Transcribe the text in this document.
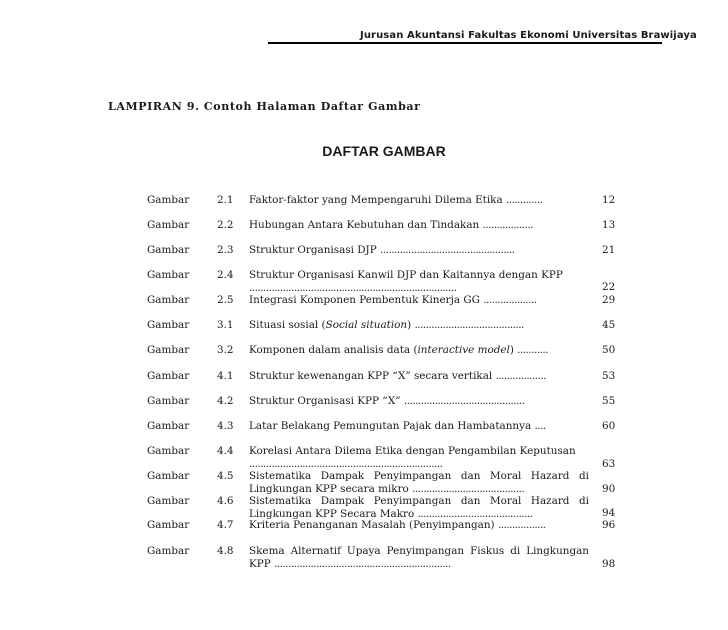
Jurusan Akuntansi Fakultas Ekonomi Universitas Brawijaya
LAMPIRAN 9. Contoh Halaman Daftar Gambar
DAFTAR GAMBAR
Gambar	2.1 Faktor-faktor yang Mempengaruhi Dilema Etika .............	12
Gambar	2.2 Hubungan Antara Kebutuhan dan Tindakan ..................	13
Gambar	2.3 Struktur Organisasi DJP ................................................	21
Gambar	2.4 Struktur Organisasi Kanwil DJP dan Kaitannya dengan KPP
..........................................................................	22
Gambar	2.5 Integrasi Komponen Pembentuk Kinerja GG ...................	29
Gambar	3.1 Situasi sosial (Social situation) .......................................	45
Gambar	3.2 Komponen dalam analisis data (interactive model) ...........	50
Gambar	4.1 Struktur kewenangan KPP “X” secara vertikal ..................	53
Gambar	4.2 Struktur Organisasi KPP “X” ...........................................	55
Gambar	4.3 Latar Belakang Pemungutan Pajak dan Hambatannya ....	60
Gambar	4.4 Korelasi Antara Dilema Etika dengan Pengambilan Keputusan
.....................................................................	63
Gambar	4.5 Sistematika Dampak Penyimpangan dan Moral Hazard di Lingkungan KPP secara mikro ........................................	90
Gambar	4.6 Sistematika Dampak Penyimpangan dan Moral Hazard di Lingkungan KPP Secara Makro .........................................	94
Gambar	4.7 Kriteria Penanganan Masalah (Penyimpangan) .................	96
Gambar	4.8 Skema Alternatif Upaya Penyimpangan Fiskus di Lingkungan KPP ...............................................................	98
